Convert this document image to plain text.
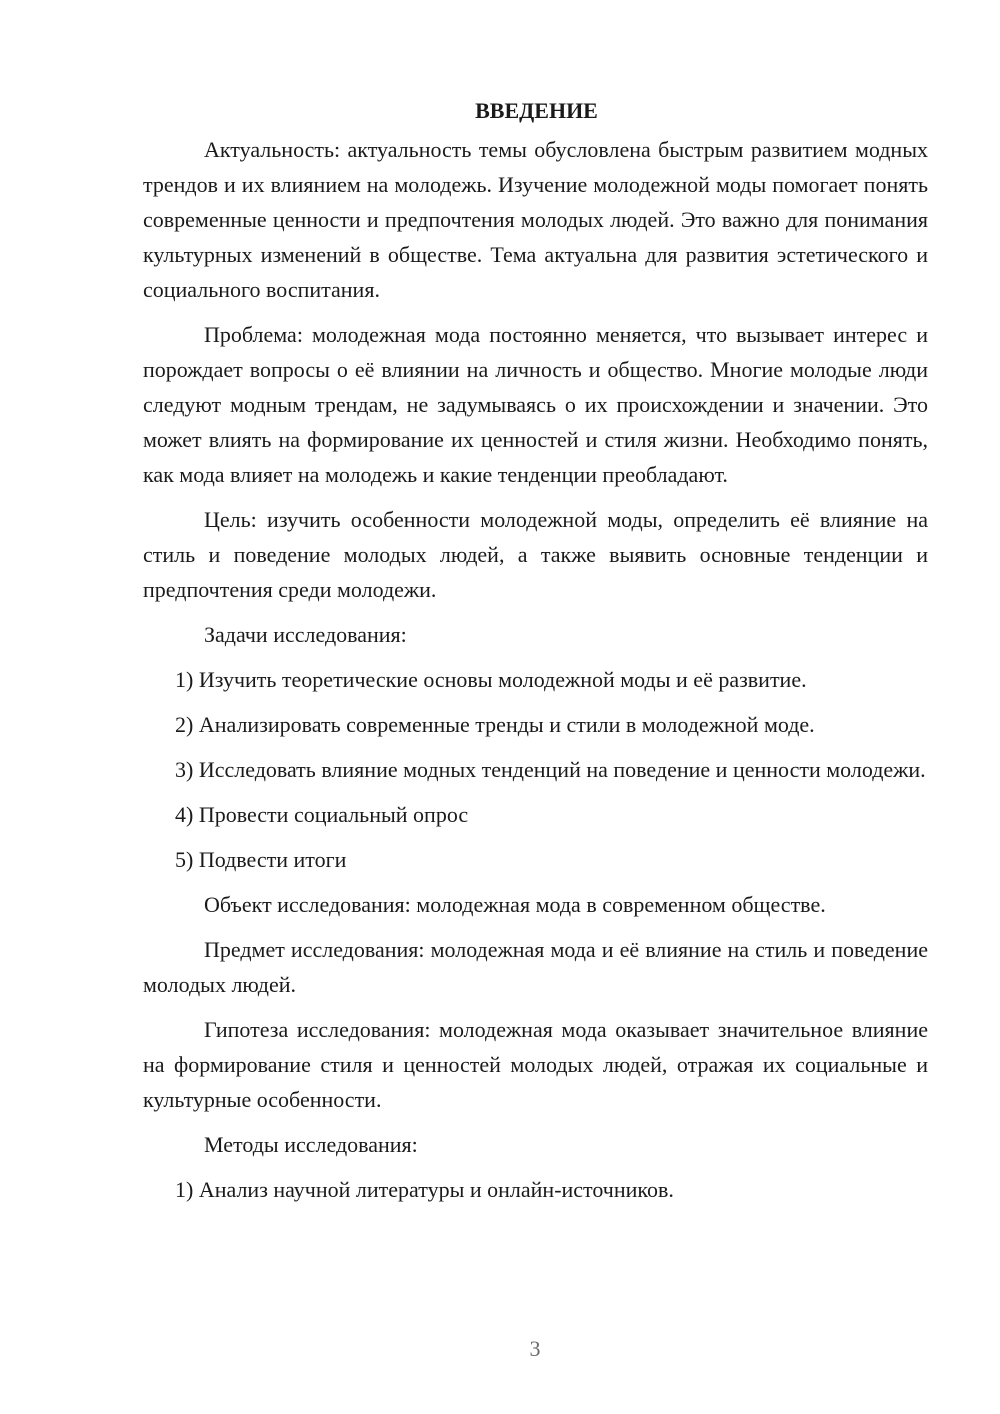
ВВЕДЕНИЕ

Актуальность: актуальность темы обусловлена быстрым развитием модных трендов и их влиянием на молодежь. Изучение молодежной моды помогает понять современные ценности и предпочтения молодых людей. Это важно для понимания культурных изменений в обществе. Тема актуальна для развития эстетического и социального воспитания.

Проблема: молодежная мода постоянно меняется, что вызывает интерес и порождает вопросы о её влиянии на личность и общество. Многие молодые люди следуют модным трендам, не задумываясь о их происхождении и значении. Это может влиять на формирование их ценностей и стиля жизни. Необходимо понять, как мода влияет на молодежь и какие тенденции преобладают.

Цель: изучить особенности молодежной моды, определить её влияние на стиль и поведение молодых людей, а также выявить основные тенденции и предпочтения среди молодежи.

Задачи исследования:

1) Изучить теоретические основы молодежной моды и её развитие.

2) Анализировать современные тренды и стили в молодежной моде.

3) Исследовать влияние модных тенденций на поведение и ценности молодежи.

4) Провести социальный опрос

5) Подвести итоги

Объект исследования: молодежная мода в современном обществе.

Предмет исследования: молодежная мода и её влияние на стиль и поведение молодых людей.

Гипотеза исследования: молодежная мода оказывает значительное влияние на формирование стиля и ценностей молодых людей, отражая их социальные и культурные особенности.

Методы исследования:

1) Анализ научной литературы и онлайн-источников.

3
